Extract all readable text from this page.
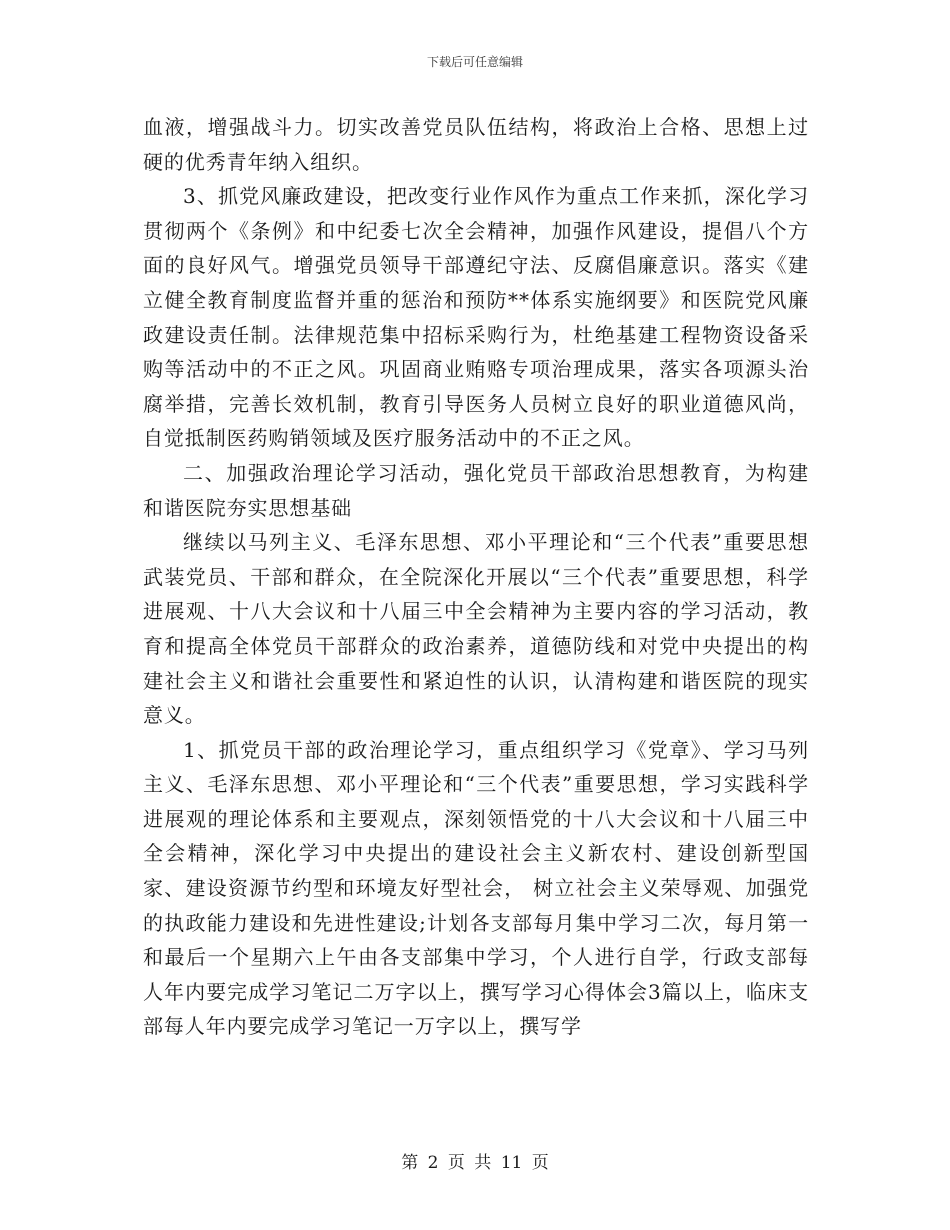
下载后可任意编辑

血液，增强战斗力。切实改善党员队伍结构，将政治上合格、思想上过硬的优秀青年纳入组织。

3、抓党风廉政建设，把改变行业作风作为重点工作来抓，深化学习贯彻两个《条例》和中纪委七次全会精神，加强作风建设，提倡八个方面的良好风气。增强党员领导干部遵纪守法、反腐倡廉意识。落实《建立健全教育制度监督并重的惩治和预防**体系实施纲要》和医院党风廉政建设责任制。法律规范集中招标采购行为，杜绝基建工程物资设备采购等活动中的不正之风。巩固商业贿赂专项治理成果，落实各项源头治腐举措，完善长效机制，教育引导医务人员树立良好的职业道德风尚，自觉抵制医药购销领域及医疗服务活动中的不正之风。

二、加强政治理论学习活动，强化党员干部政治思想教育，为构建和谐医院夯实思想基础

继续以马列主义、毛泽东思想、邓小平理论和“三个代表”重要思想武装党员、干部和群众，在全院深化开展以“三个代表”重要思想，科学进展观、十八大会议和十八届三中全会精神为主要内容的学习活动，教育和提高全体党员干部群众的政治素养，道德防线和对党中央提出的构建社会主义和谐社会重要性和紧迫性的认识，认清构建和谐医院的现实意义。

1、抓党员干部的政治理论学习，重点组织学习《党章》、学习马列主义、毛泽东思想、邓小平理论和“三个代表”重要思想，学习实践科学进展观的理论体系和主要观点，深刻领悟党的十八大会议和十八届三中全会精神，深化学习中央提出的建设社会主义新农村、建设创新型国家、建设资源节约型和环境友好型社会， 树立社会主义荣辱观、加强党的执政能力建设和先进性建设;计划各支部每月集中学习二次，每月第一和最后一个星期六上午由各支部集中学习，个人进行自学，行政支部每人年内要完成学习笔记二万字以上，撰写学习心得体会3篇以上，临床支部每人年内要完成学习笔记一万字以上，撰写学

第 2 页 共 11 页
